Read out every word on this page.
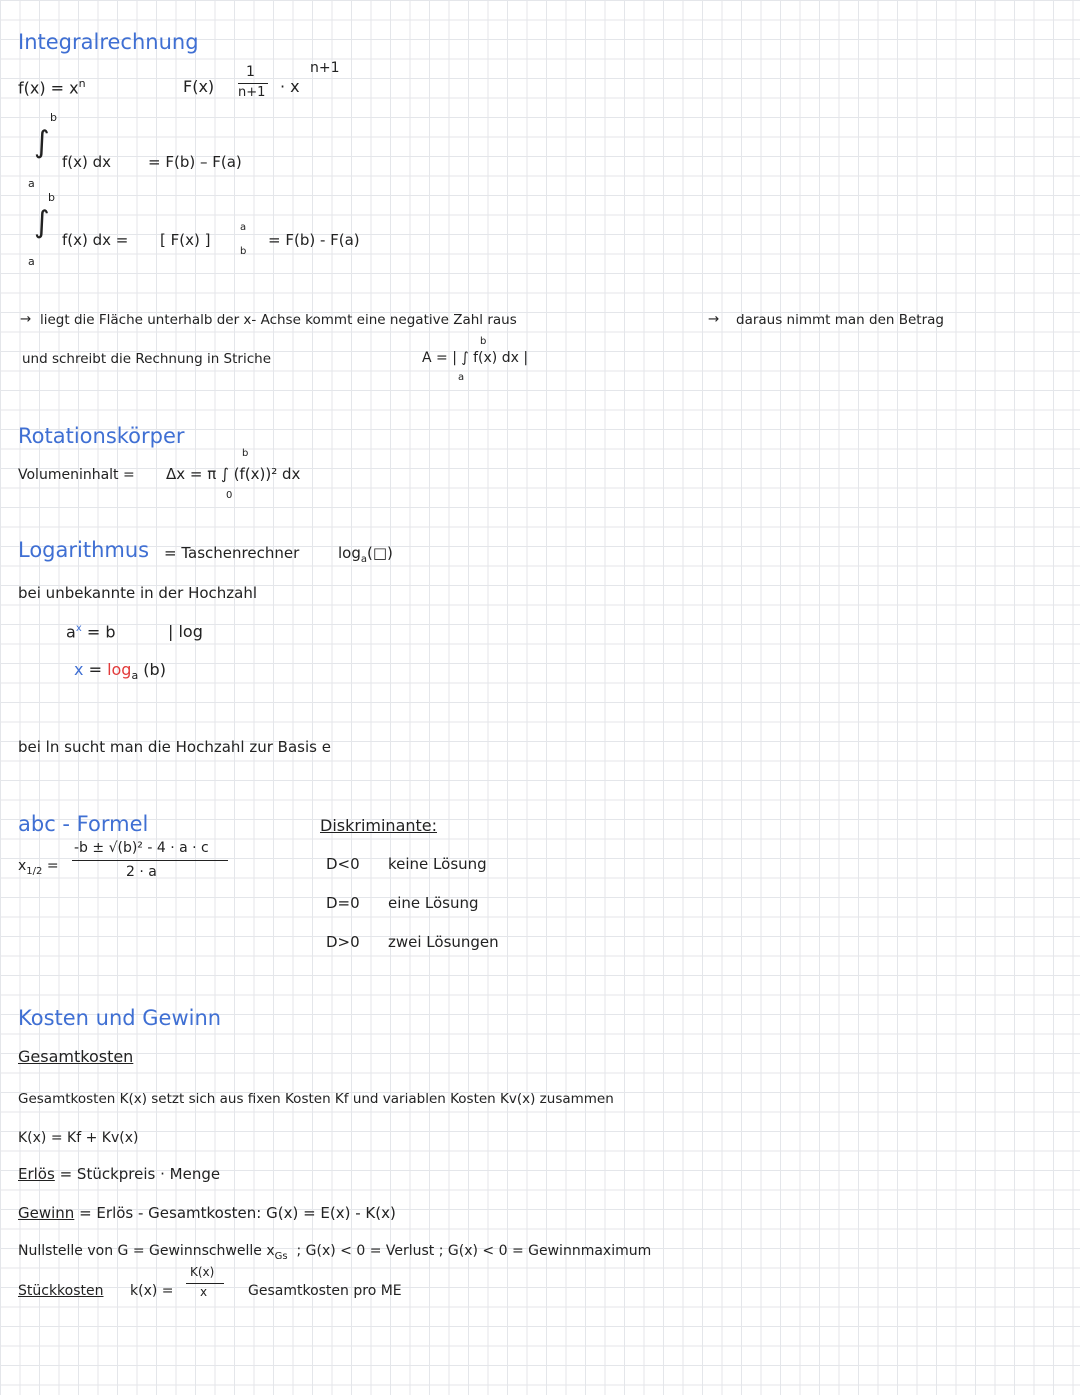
Integralrechnung
$f(x) = x^n$	F(x)
1
n+1 · x
n+1
b
∫
a
f(x) dx = F(b) – F(a)
b
∫
a
f(x) dx = [ F(x) ]
a
b
= F(b) - F(a)
→ liegt die Fläche unterhalb der x- Achse kommt eine negative Zahl raus	→ daraus nimmt man den Betrag
und schreibt die Rechnung in Striche
b
a
A = | ∫ f(x) dx |
Rotationskörper
Volumeninhalt =
b
0
Δx = π ∫ (f(x))² dx
Logarithmus = Taschenrechner	$\log_a(□)$
bei unbekannte in der Hochzahl
$a^x = b$	| log
$x = \log_a (b)$
bei ln sucht man die Hochzahl zur Basis e
abc - Formel
$x_{1/2}$ =
-b ± √(b)² - 4 · a · c
2 · a
Diskriminante:
D<0 keine Lösung
D=0 eine Lösung
D>0 zwei Lösungen
Kosten und Gewinn
Gesamtkosten
Gesamtkosten K(x) setzt sich aus fixen Kosten Kf und variablen Kosten Kv(x) zusammen
K(x) = Kf + Kv(x)
Erlös = Stückpreis · Menge
Gewinn = Erlös - Gesamtkosten: G(x) = E(x) - K(x)
Nullstelle von G = Gewinnschwelle $x_{Gs}$ ; G(x) < 0 = Verlust ; G(x) < 0 = Gewinnmaximum
Stückkosten k(x) =
K(x)
x	Gesamtkosten pro ME
